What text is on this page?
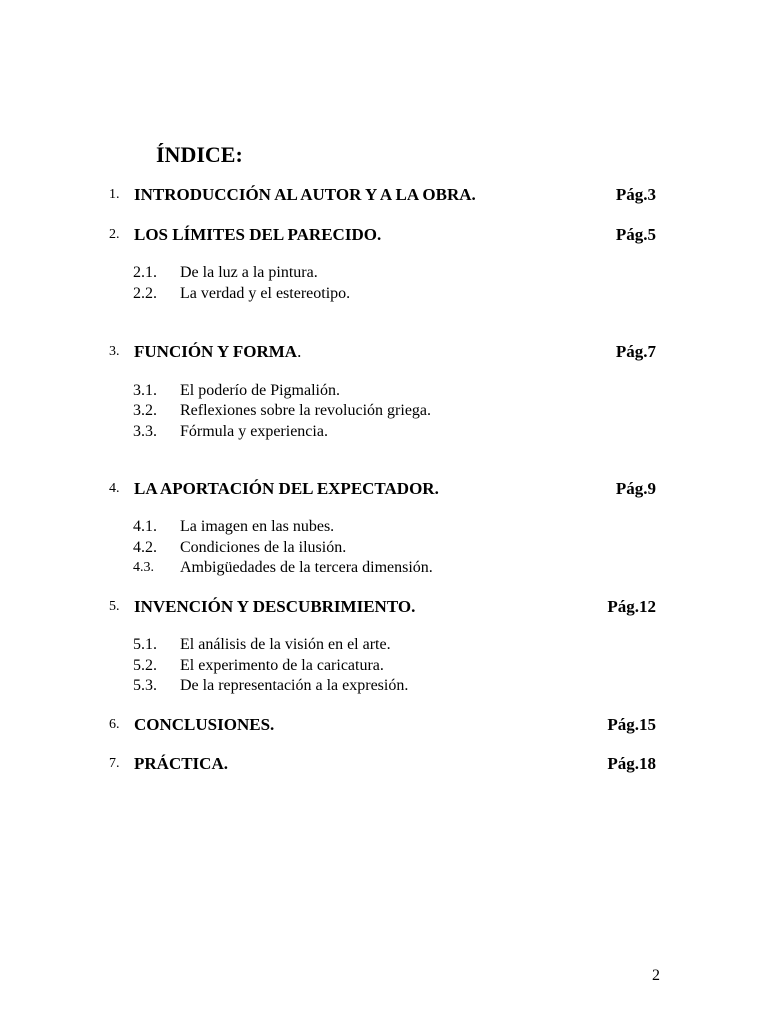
ÍNDICE:
1. INTRODUCCIÓN AL AUTOR Y A LA OBRA.	Pág.3
2. LOS LÍMITES DEL PARECIDO.	Pág.5
2.1. De la luz a la pintura.
2.2. La verdad y el estereotipo.
3. FUNCIÓN Y FORMA.	Pág.7
3.1. El poderío de Pigmalión.
3.2. Reflexiones sobre la revolución griega.
3.3. Fórmula y experiencia.
4. LA APORTACIÓN DEL EXPECTADOR.	Pág.9
4.1. La imagen en las nubes.
4.2. Condiciones de la ilusión.
4.3. Ambigüedades de la tercera dimensión.
5. INVENCIÓN Y DESCUBRIMIENTO.	Pág.12
5.1. El análisis de la visión en el arte.
5.2. El experimento de la caricatura.
5.3. De la representación a la expresión.
6. CONCLUSIONES.	Pág.15
7. PRÁCTICA.	Pág.18
2
